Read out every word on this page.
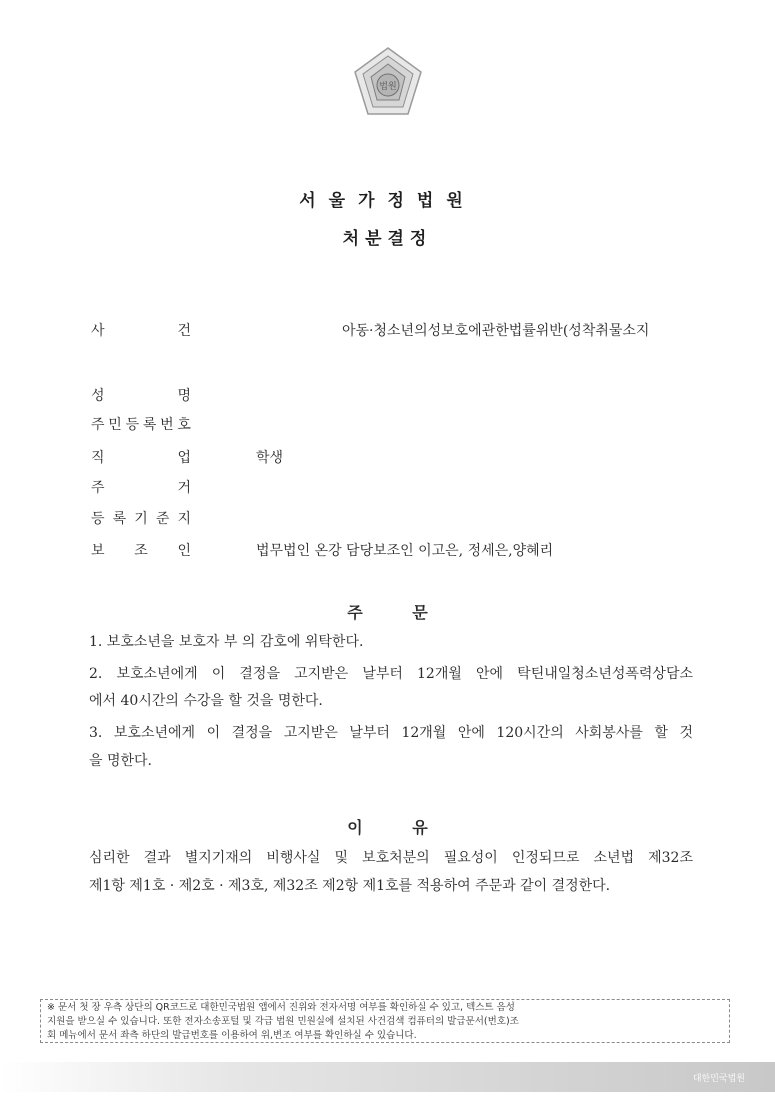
법원
서울가정법원
처분결정
사	건	아동·청소년의성보호에관한법률위반(성착취물소지
성	명
주 민 등 록 번 호
직	업	학생
주	거
등 록 기 준 지
보 조 인	법무법인 온강 담당보조인 이고은, 정세은,양혜리
주 문
1. 보호소년을 보호자 부 의 감호에 위탁한다.
2. 보호소년에게 이 결정을 고지받은 날부터 12개월 안에 탁틴내일청소년성폭력상담소
에서 40시간의 수강을 할 것을 명한다.
3. 보호소년에게 이 결정을 고지받은 날부터 12개월 안에 120시간의 사회봉사를 할 것
을 명한다.
이 유
심리한 결과 별지기재의 비행사실 및 보호처분의 필요성이 인정되므로 소년법 제32조
제1항 제1호 · 제2호 · 제3호, 제32조 제2항 제1호를 적용하여 주문과 같이 결정한다.
※ 문서 첫 장 우측 상단의 QR코드로 대한민국법원 앱에서 진위와 전자서명 여부를 확인하실 수 있고, 텍스트 음성
지원을 받으실 수 있습니다. 또한 전자소송포털 및 각급 법원 민원실에 설치된 사건검색 컴퓨터의 발급문서(번호)조
회 메뉴에서 문서 좌측 하단의 발급번호를 이용하여 위,변조 여부를 확인하실 수 있습니다.
대한민국법원
